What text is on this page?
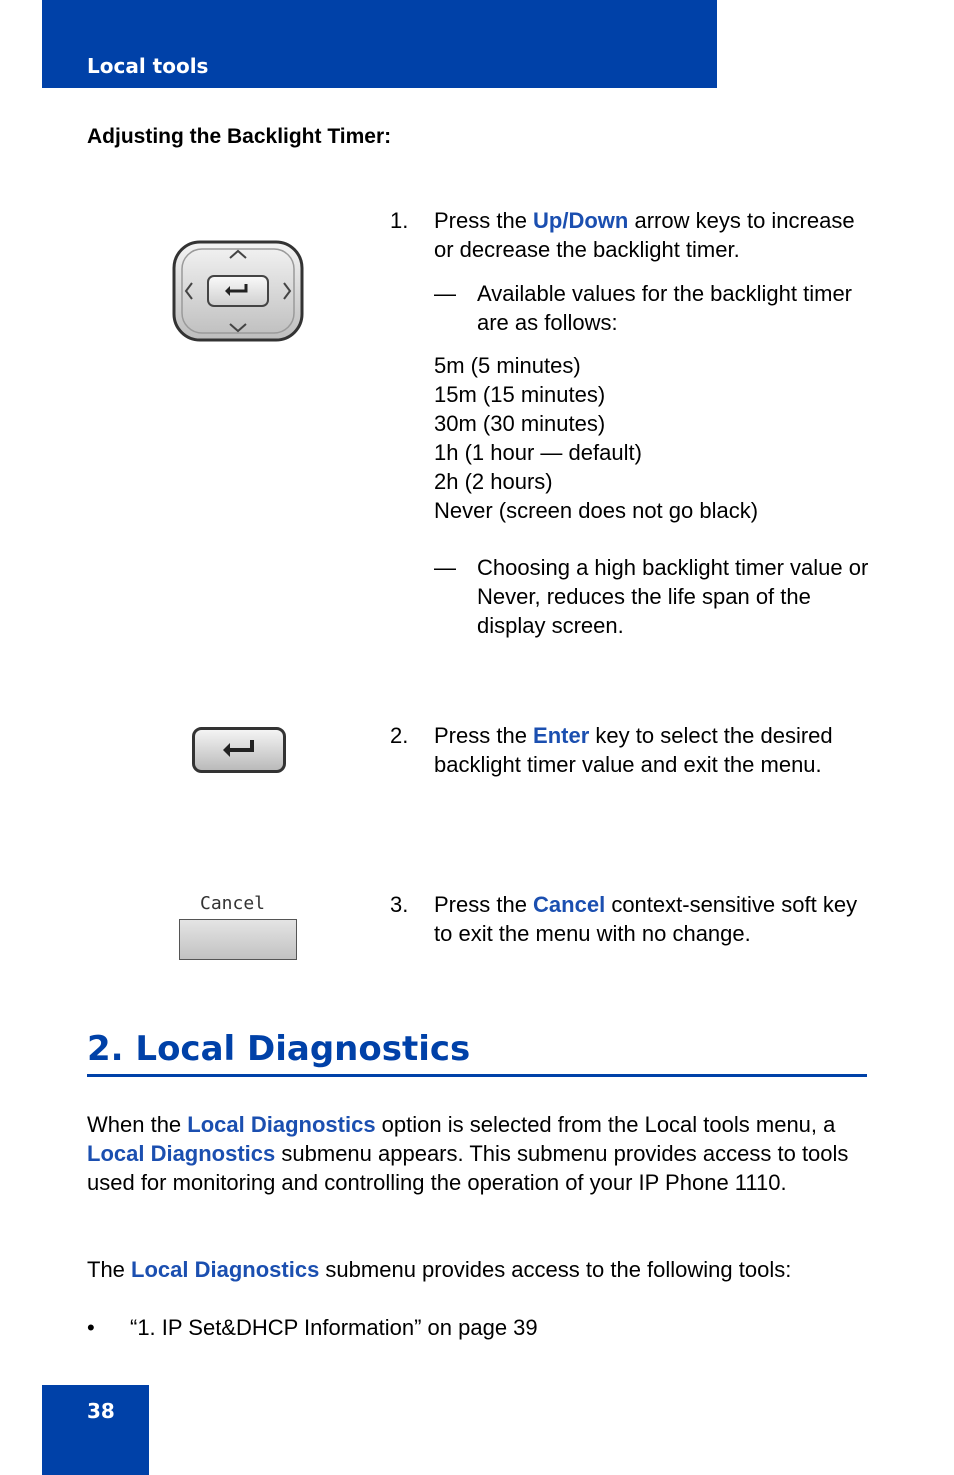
Local tools
Adjusting the Backlight Timer:
1. Press the Up/Down arrow keys to increase or decrease the backlight timer.
— Available values for the backlight timer are as follows:
5m (5 minutes)
15m (15 minutes)
30m (30 minutes)
1h (1 hour — default)
2h (2 hours)
Never (screen does not go black)
— Choosing a high backlight timer value or Never, reduces the life span of the display screen.
2. Press the Enter key to select the desired backlight timer value and exit the menu.
Cancel	3. Press the Cancel context-sensitive soft key to exit the menu with no change.
2. Local Diagnostics
When the Local Diagnostics option is selected from the Local tools menu, a Local Diagnostics submenu appears. This submenu provides access to tools used for monitoring and controlling the operation of your IP Phone 1110.
The Local Diagnostics submenu provides access to the following tools:
• “1. IP Set&DHCP Information” on page 39
38
